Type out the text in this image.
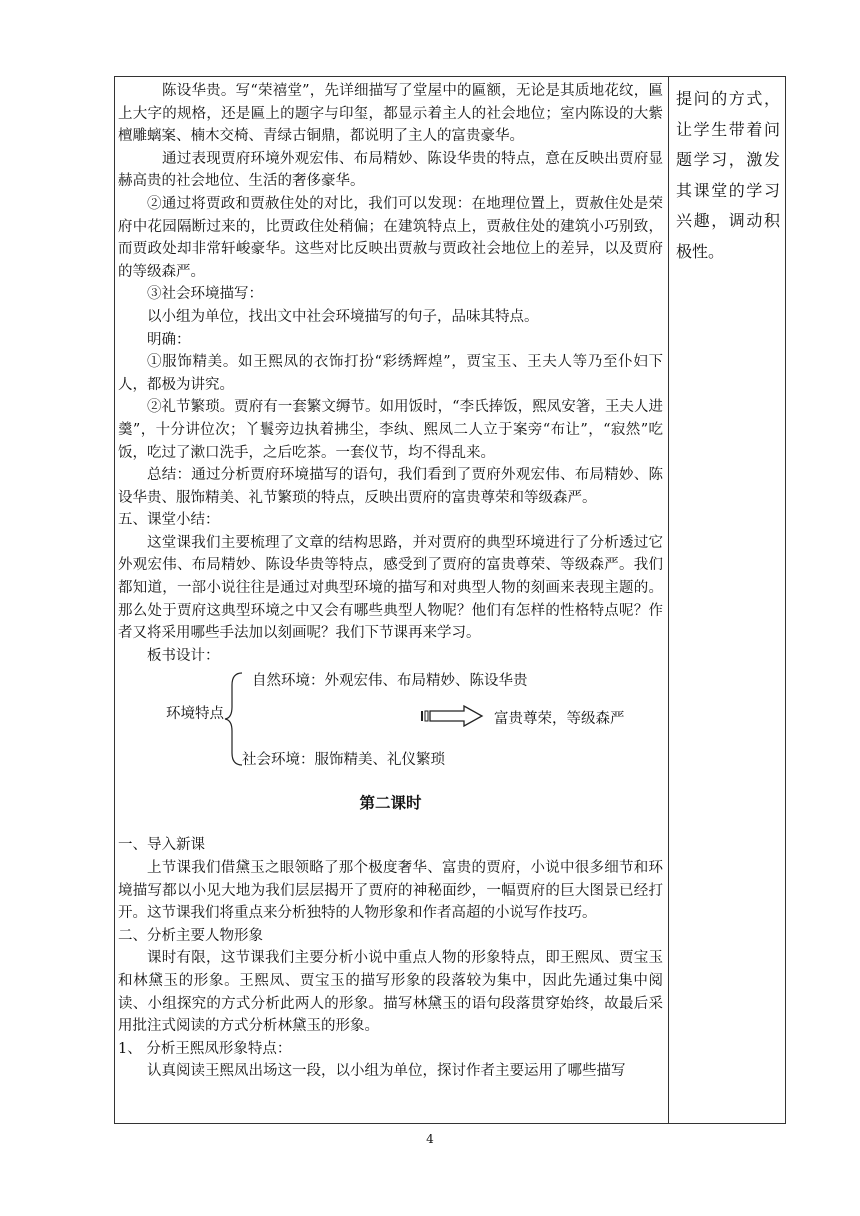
陈设华贵。写“荣禧堂”，先详细描写了堂屋中的匾额，无论是其质地花纹，匾上大字的规格，还是匾上的题字与印玺，都显示着主人的社会地位；室内陈设的大紫檀雕螭案、楠木交椅、青绿古铜鼎，都说明了主人的富贵豪华。

通过表现贾府环境外观宏伟、布局精妙、陈设华贵的特点，意在反映出贾府显赫高贵的社会地位、生活的奢侈豪华。

②通过将贾政和贾赦住处的对比，我们可以发现：在地理位置上，贾赦住处是荣府中花园隔断过来的，比贾政住处稍偏；在建筑特点上，贾赦住处的建筑小巧别致，而贾政处却非常轩峻豪华。这些对比反映出贾赦与贾政社会地位上的差异，以及贾府的等级森严。

③社会环境描写：

以小组为单位，找出文中社会环境描写的句子，品味其特点。

明确：

①服饰精美。如王熙凤的衣饰打扮“彩绣辉煌”，贾宝玉、王夫人等乃至仆妇下人，都极为讲究。

②礼节繁琐。贾府有一套繁文缛节。如用饭时，“李氏捧饭，熙凤安箸，王夫人进羹”，十分讲位次；丫鬟旁边执着拂尘，李纨、熙凤二人立于案旁“布让”，“寂然”吃饭，吃过了漱口洗手，之后吃茶。一套仪节，均不得乱来。

总结：通过分析贾府环境描写的语句，我们看到了贾府外观宏伟、布局精妙、陈设华贵、服饰精美、礼节繁琐的特点，反映出贾府的富贵尊荣和等级森严。

五、课堂小结：

这堂课我们主要梳理了文章的结构思路，并对贾府的典型环境进行了分析透过它外观宏伟、布局精妙、陈设华贵等特点，感受到了贾府的富贵尊荣、等级森严。我们都知道，一部小说往往是通过对典型环境的描写和对典型人物的刻画来表现主题的。那么处于贾府这典型环境之中又会有哪些典型人物呢？他们有怎样的性格特点呢？作者又将采用哪些手法加以刻画呢？我们下节课再来学习。

板书设计：

自然环境：外观宏伟、布局精妙、陈设华贵
环境特点	富贵尊荣，等级森严
社会环境：服饰精美、礼仪繁琐
第二课时

一、导入新课

上节课我们借黛玉之眼领略了那个极度奢华、富贵的贾府，小说中很多细节和环境描写都以小见大地为我们层层揭开了贾府的神秘面纱，一幅贾府的巨大图景已经打开。这节课我们将重点来分析独特的人物形象和作者高超的小说写作技巧。

二、分析主要人物形象

课时有限，这节课我们主要分析小说中重点人物的形象特点，即王熙凤、贾宝玉和林黛玉的形象。王熙凤、贾宝玉的描写形象的段落较为集中，因此先通过集中阅读、小组探究的方式分析此两人的形象。描写林黛玉的语句段落贯穿始终，故最后采用批注式阅读的方式分析林黛玉的形象。

1、 分析王熙凤形象特点：

认真阅读王熙凤出场这一段，以小组为单位，探讨作者主要运用了哪些描写

提问的方式，让学生带着问题学习，激发其课堂的学习兴趣，调动积极性。

4
